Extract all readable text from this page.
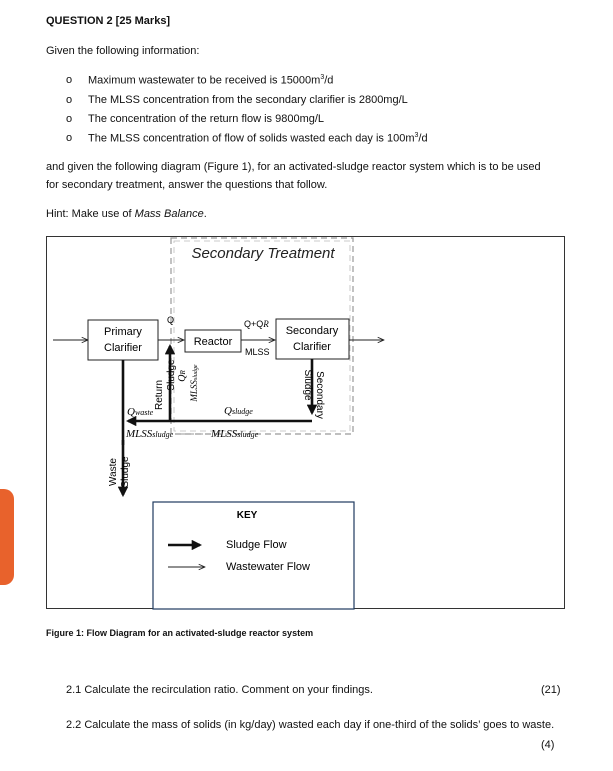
QUESTION 2 [25 Marks]
Given the following information:
o Maximum wastewater to be received is $15000m^3/d$
o The MLSS concentration from the secondary clarifier is 2800mg/L
o The concentration of the return flow is 9800mg/L
o The MLSS concentration of flow of solids wasted each day is $100m^3/d$
and given the following diagram (Figure 1), for an activated-sludge reactor system which is to be used
for secondary treatment, answer the questions that follow.
Hint: Make use of Mass Balance.
Secondary Treatment
Primary
Clarifier	Reactor
Secondary
Clarifier
Q	Q+QR
MLSS
Return
Sludge QR
MLSSsludge	Sludge Secondary
Waste Sludge
Qwaste
MLSSsludge
Qsludge
MLSSsludge
KEY
Sludge Flow
Wastewater Flow
Figure 1: Flow Diagram for an activated-sludge reactor system
2.1 Calculate the recirculation ratio. Comment on your findings.	(21)
2.2 Calculate the mass of solids (in kg/day) wasted each day if one-third of the solids’ goes to waste.
(4)
